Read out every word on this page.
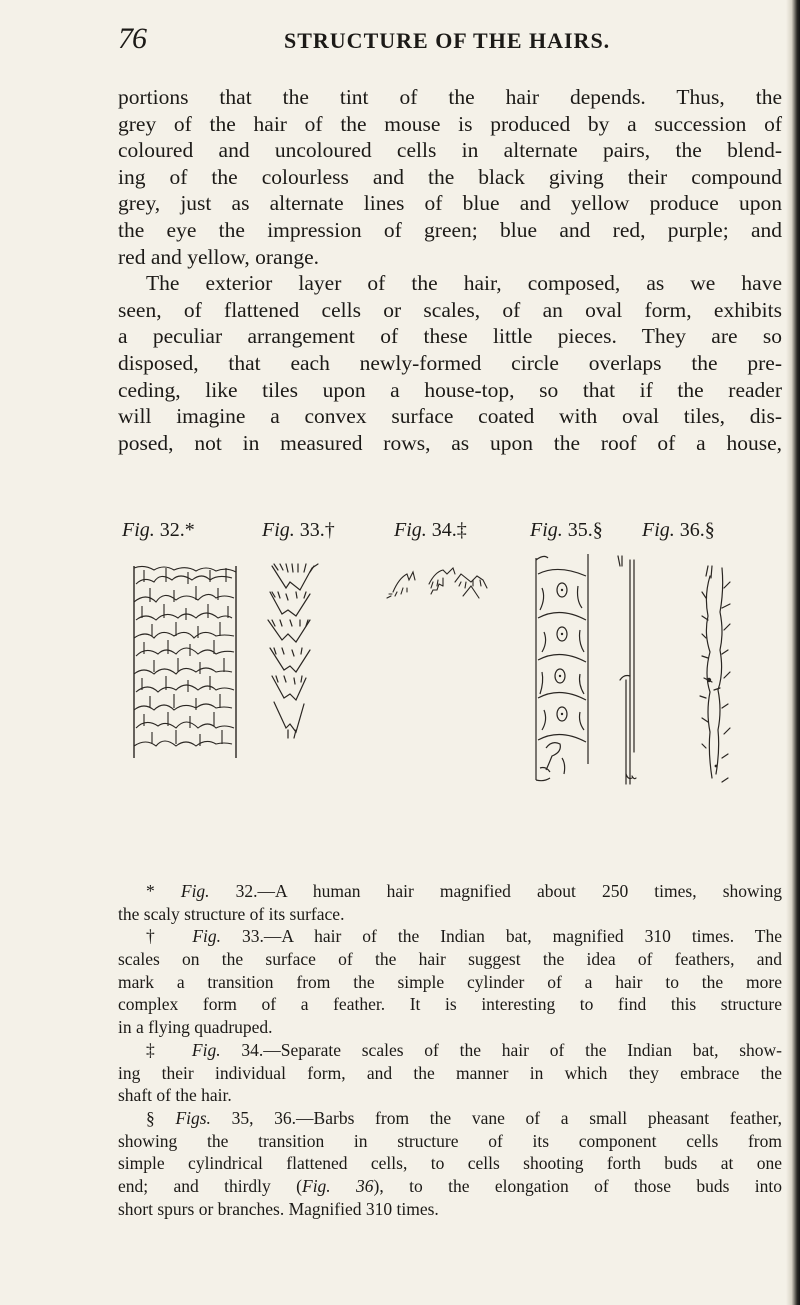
76	STRUCTURE OF THE HAIRS.
portions that the tint of the hair depends. Thus, the
grey of the hair of the mouse is produced by a succession of
coloured and uncoloured cells in alternate pairs, the blend-
ing of the colourless and the black giving their compound
grey, just as alternate lines of blue and yellow produce upon
the eye the impression of green; blue and red, purple; and
red and yellow, orange.
The exterior layer of the hair, composed, as we have
seen, of flattened cells or scales, of an oval form, exhibits
a peculiar arrangement of these little pieces. They are so
disposed, that each newly-formed circle overlaps the pre-
ceding, like tiles upon a house-top, so that if the reader
will imagine a convex surface coated with oval tiles, dis-
posed, not in measured rows, as upon the roof of a house,
Fig. 32.*	Fig. 33.†	Fig. 34.‡	Fig. 35.§ Fig. 36.§
* Fig. 32.—A human hair magnified about 250 times, showing
the scaly structure of its surface.
† Fig. 33.—A hair of the Indian bat, magnified 310 times. The
scales on the surface of the hair suggest the idea of feathers, and
mark a transition from the simple cylinder of a hair to the more
complex form of a feather. It is interesting to find this structure
in a flying quadruped.
‡ Fig. 34.—Separate scales of the hair of the Indian bat, show-
ing their individual form, and the manner in which they embrace the
shaft of the hair.
§ Figs. 35, 36.—Barbs from the vane of a small pheasant feather,
showing the transition in structure of its component cells from
simple cylindrical flattened cells, to cells shooting forth buds at one
end; and thirdly (Fig. 36), to the elongation of those buds into
short spurs or branches. Magnified 310 times.
